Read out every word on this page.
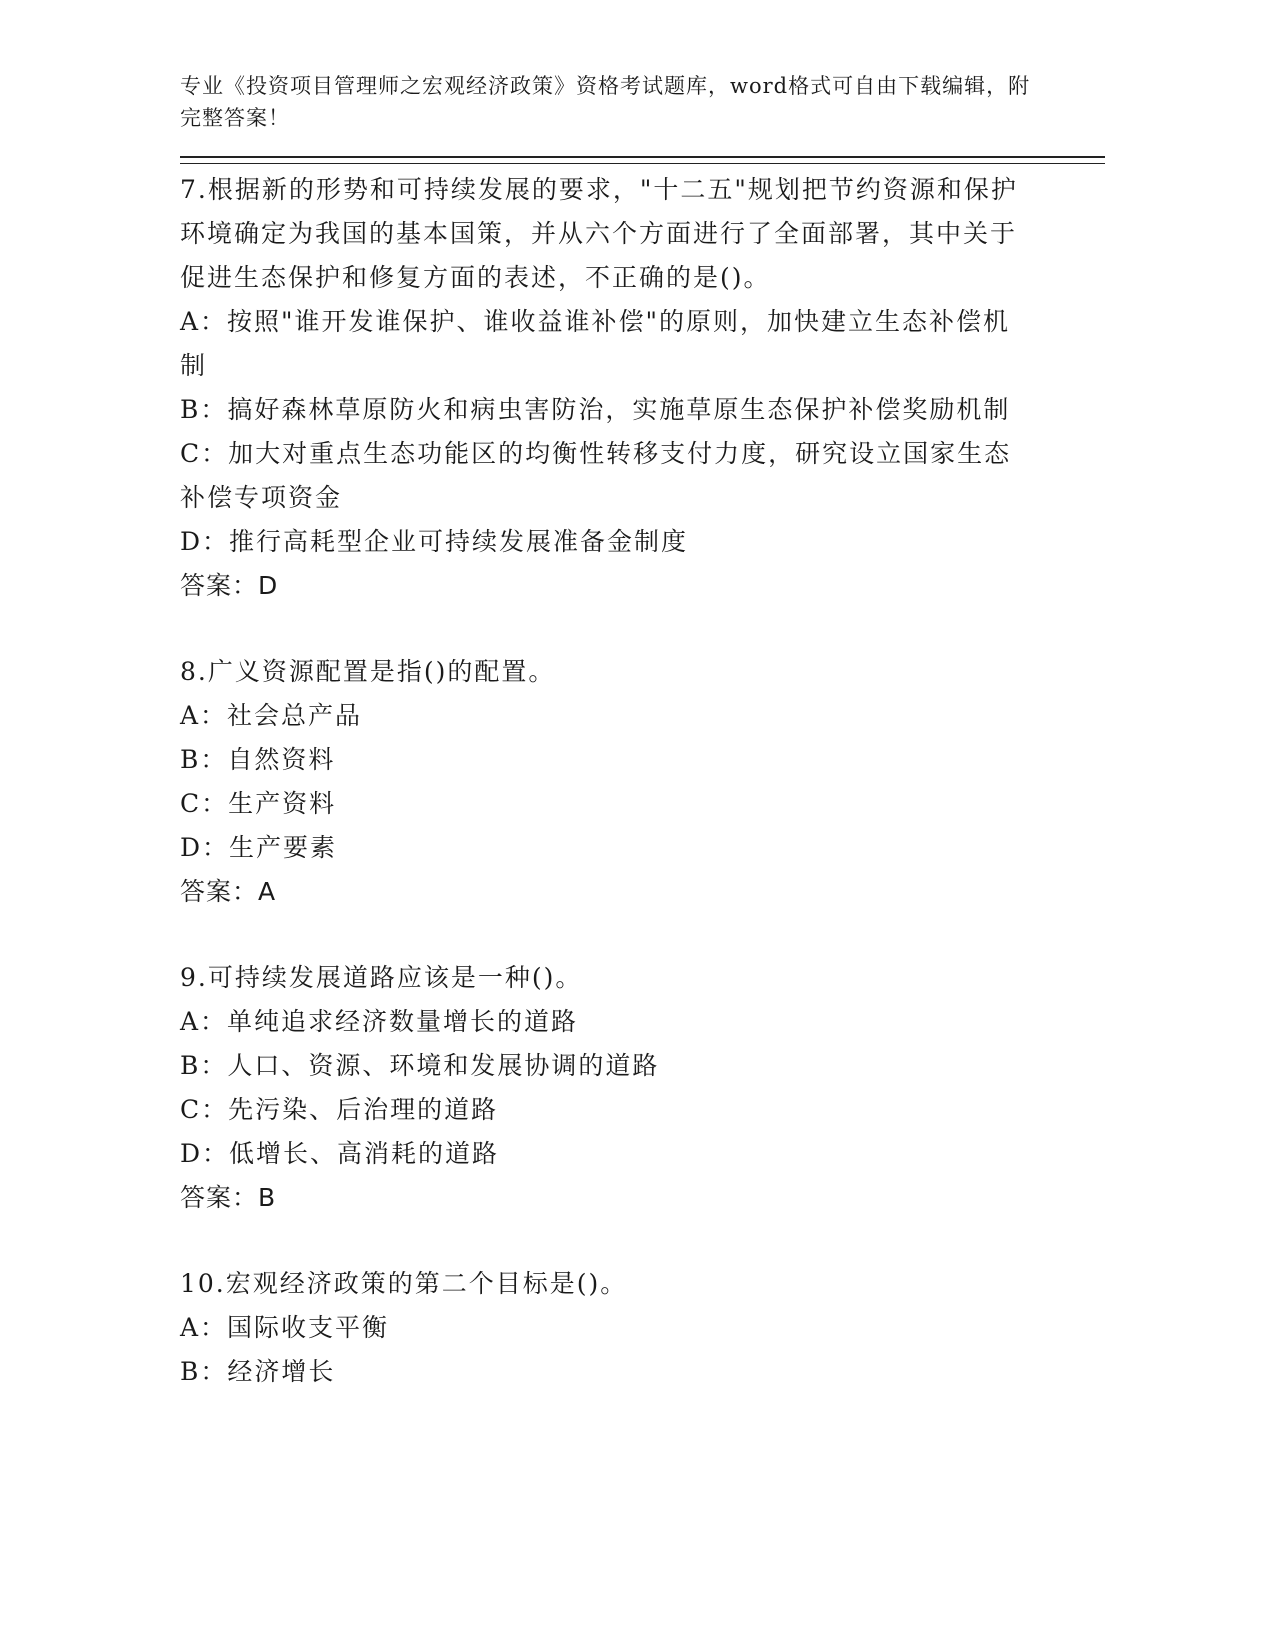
专业《投资项目管理师之宏观经济政策》资格考试题库，word格式可自由下载编辑，附完整答案！

7.根据新的形势和可持续发展的要求，"十二五"规划把节约资源和保护环境确定为我国的基本国策，并从六个方面进行了全面部署，其中关于促进生态保护和修复方面的表述，不正确的是()。
A：按照"谁开发谁保护、谁收益谁补偿"的原则，加快建立生态补偿机制
B：搞好森林草原防火和病虫害防治，实施草原生态保护补偿奖励机制
C：加大对重点生态功能区的均衡性转移支付力度，研究设立国家生态补偿专项资金
D：推行高耗型企业可持续发展准备金制度
答案：D
8.广义资源配置是指()的配置。
A：社会总产品
B：自然资料
C：生产资料
D：生产要素
答案：A
9.可持续发展道路应该是一种()。
A：单纯追求经济数量增长的道路
B：人口、资源、环境和发展协调的道路
C：先污染、后治理的道路
D：低增长、高消耗的道路
答案：B
10.宏观经济政策的第二个目标是()。
A：国际收支平衡
B：经济增长
